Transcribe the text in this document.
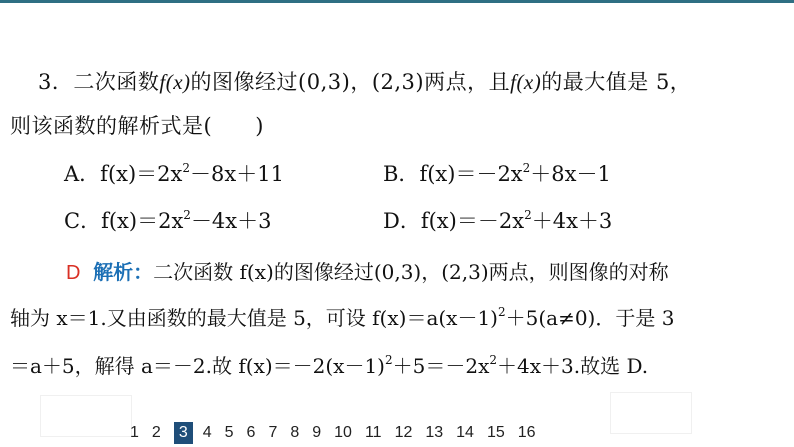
3．二次函数f(x)的图像经过(0,3)，(2,3)两点，且f(x)的最大值是 5，
则该函数的解析式是(　　)
A．$f(x)=2x^2-8x+11$	B．$f(x)=-2x^2+8x-1$
C．$f(x)=2x^2-4x+3$	D．$f(x)=-2x^2+4x+3$
D 解析：二次函数 f(x)的图像经过(0,3)，(2,3)两点，则图像的对称
轴为 x＝1.又由函数的最大值是 5，可设 $f(x)=a(x-1)^2+5(a\ne 0)$．于是 3
＝a＋5，解得 a＝－2.故 $f(x)=-2(x-1)^2+5=-2x^2+4x+3$.故选 D.
1 2	3 4 5 6 7 8 9 10 11 12 13 14 15 16
